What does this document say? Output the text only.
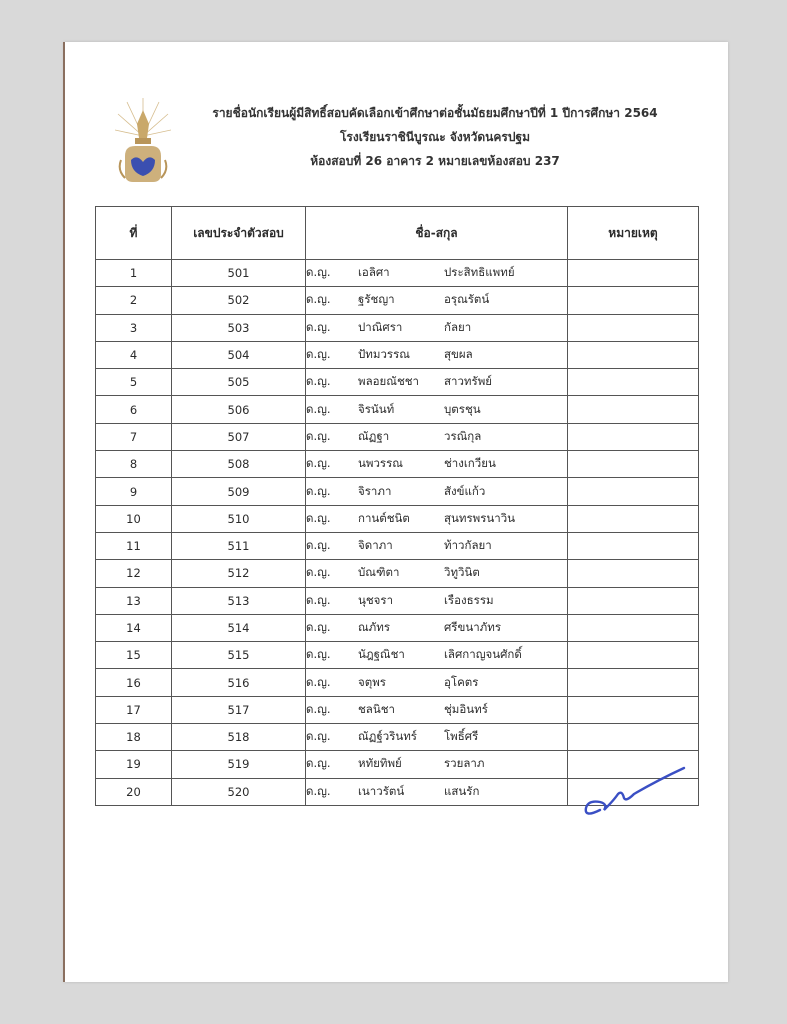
รายชื่อนักเรียนผู้มีสิทธิ์สอบคัดเลือกเข้าศึกษาต่อชั้นมัธยมศึกษาปีที่ 1 ปีการศึกษา 2564
โรงเรียนราชินีบูรณะ จังหวัดนครปฐม
ห้องสอบที่ 26 อาคาร 2 หมายเลขห้องสอบ 237
ที่	เลขประจำตัวสอบ	ชื่อ-สกุล	หมายเหตุ
1	501	ด.ญ. เอลิศา ประสิทธิแพทย์	
2	502	ด.ญ. ฐรัชญา อรุณรัตน์	
3	503	ด.ญ. ปาณิศรา กัลยา	
4	504	ด.ญ. ปัทมวรรณ สุขผล	
5	505	ด.ญ. พลอยณัชชา สาวทรัพย์	
6	506	ด.ญ. จิรนันท์ บุตรชุน	
7	507	ด.ญ. ณัฏฐา วรณิกุล	
8	508	ด.ญ. นพวรรณ ช่างเกวียน	
9	509	ด.ญ. จิราภา สังข์แก้ว	
10	510	ด.ญ. กานต์ชนิต สุนทรพรนาวิน	
11	511	ด.ญ. จิดาภา ท้าวกัลยา	
12	512	ด.ญ. บัณฑิตา วิทูวินิต	
13	513	ด.ญ. นุชจรา เรืองธรรม	
14	514	ด.ญ. ณภัทร ศรีขนาภัทร	
15	515	ด.ญ. นัฎฐณิชา เลิศกาญจนศักดิ์	
16	516	ด.ญ. จตุพร อุโคตร	
17	517	ด.ญ. ชลนิชา ชุ่มอินทร์	
18	518	ด.ญ. ณัฏฐ์วรินทร์ โพธิ์ศรี	
19	519	ด.ญ. หทัยทิพย์ รวยลาภ	
20	520	ด.ญ. เนาวรัตน์ แสนรัก	
